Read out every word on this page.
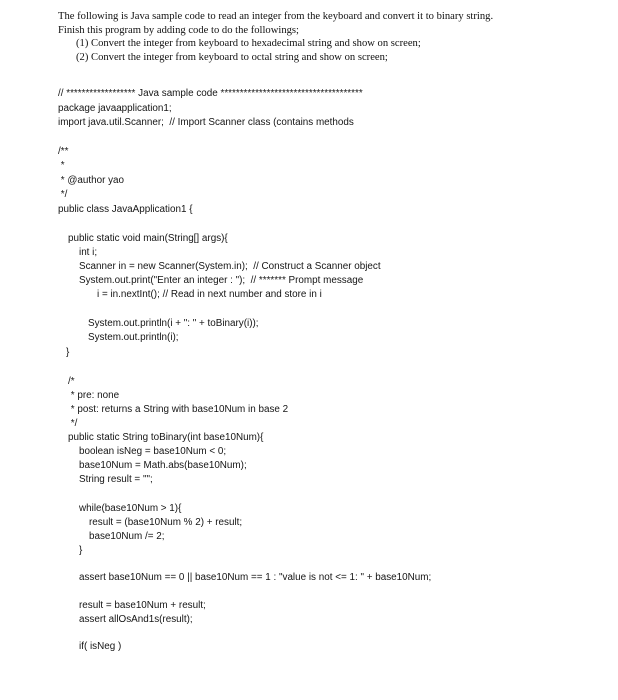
The following is Java sample code to read an integer from the keyboard and convert it to binary string.
Finish this program by adding code to do the followings;
(1) Convert the integer from keyboard to hexadecimal string and show on screen;
(2) Convert the integer from keyboard to octal string and show on screen;
// ****************** Java sample code *************************************
package javaapplication1;
import java.util.Scanner;  // Import Scanner class (contains methods
/**
*
* @author yao
*/
public class JavaApplication1 {
public static void main(String[] args){
int i;
Scanner in = new Scanner(System.in);  // Construct a Scanner object
System.out.print("Enter an integer : ");  // ******* Prompt message
i = in.nextInt(); // Read in next number and store in i
System.out.println(i + ": " + toBinary(i));
System.out.println(i);
}
/*
* pre: none
* post: returns a String with base10Num in base 2
*/
public static String toBinary(int base10Num){
boolean isNeg = base10Num < 0;
base10Num = Math.abs(base10Num);
String result = "";
while(base10Num > 1){
result = (base10Num % 2) + result;
base10Num /= 2;
}
assert base10Num == 0 || base10Num == 1 : "value is not <= 1: " + base10Num;
result = base10Num + result;
assert allOsAnd1s(result);
if( isNeg )
